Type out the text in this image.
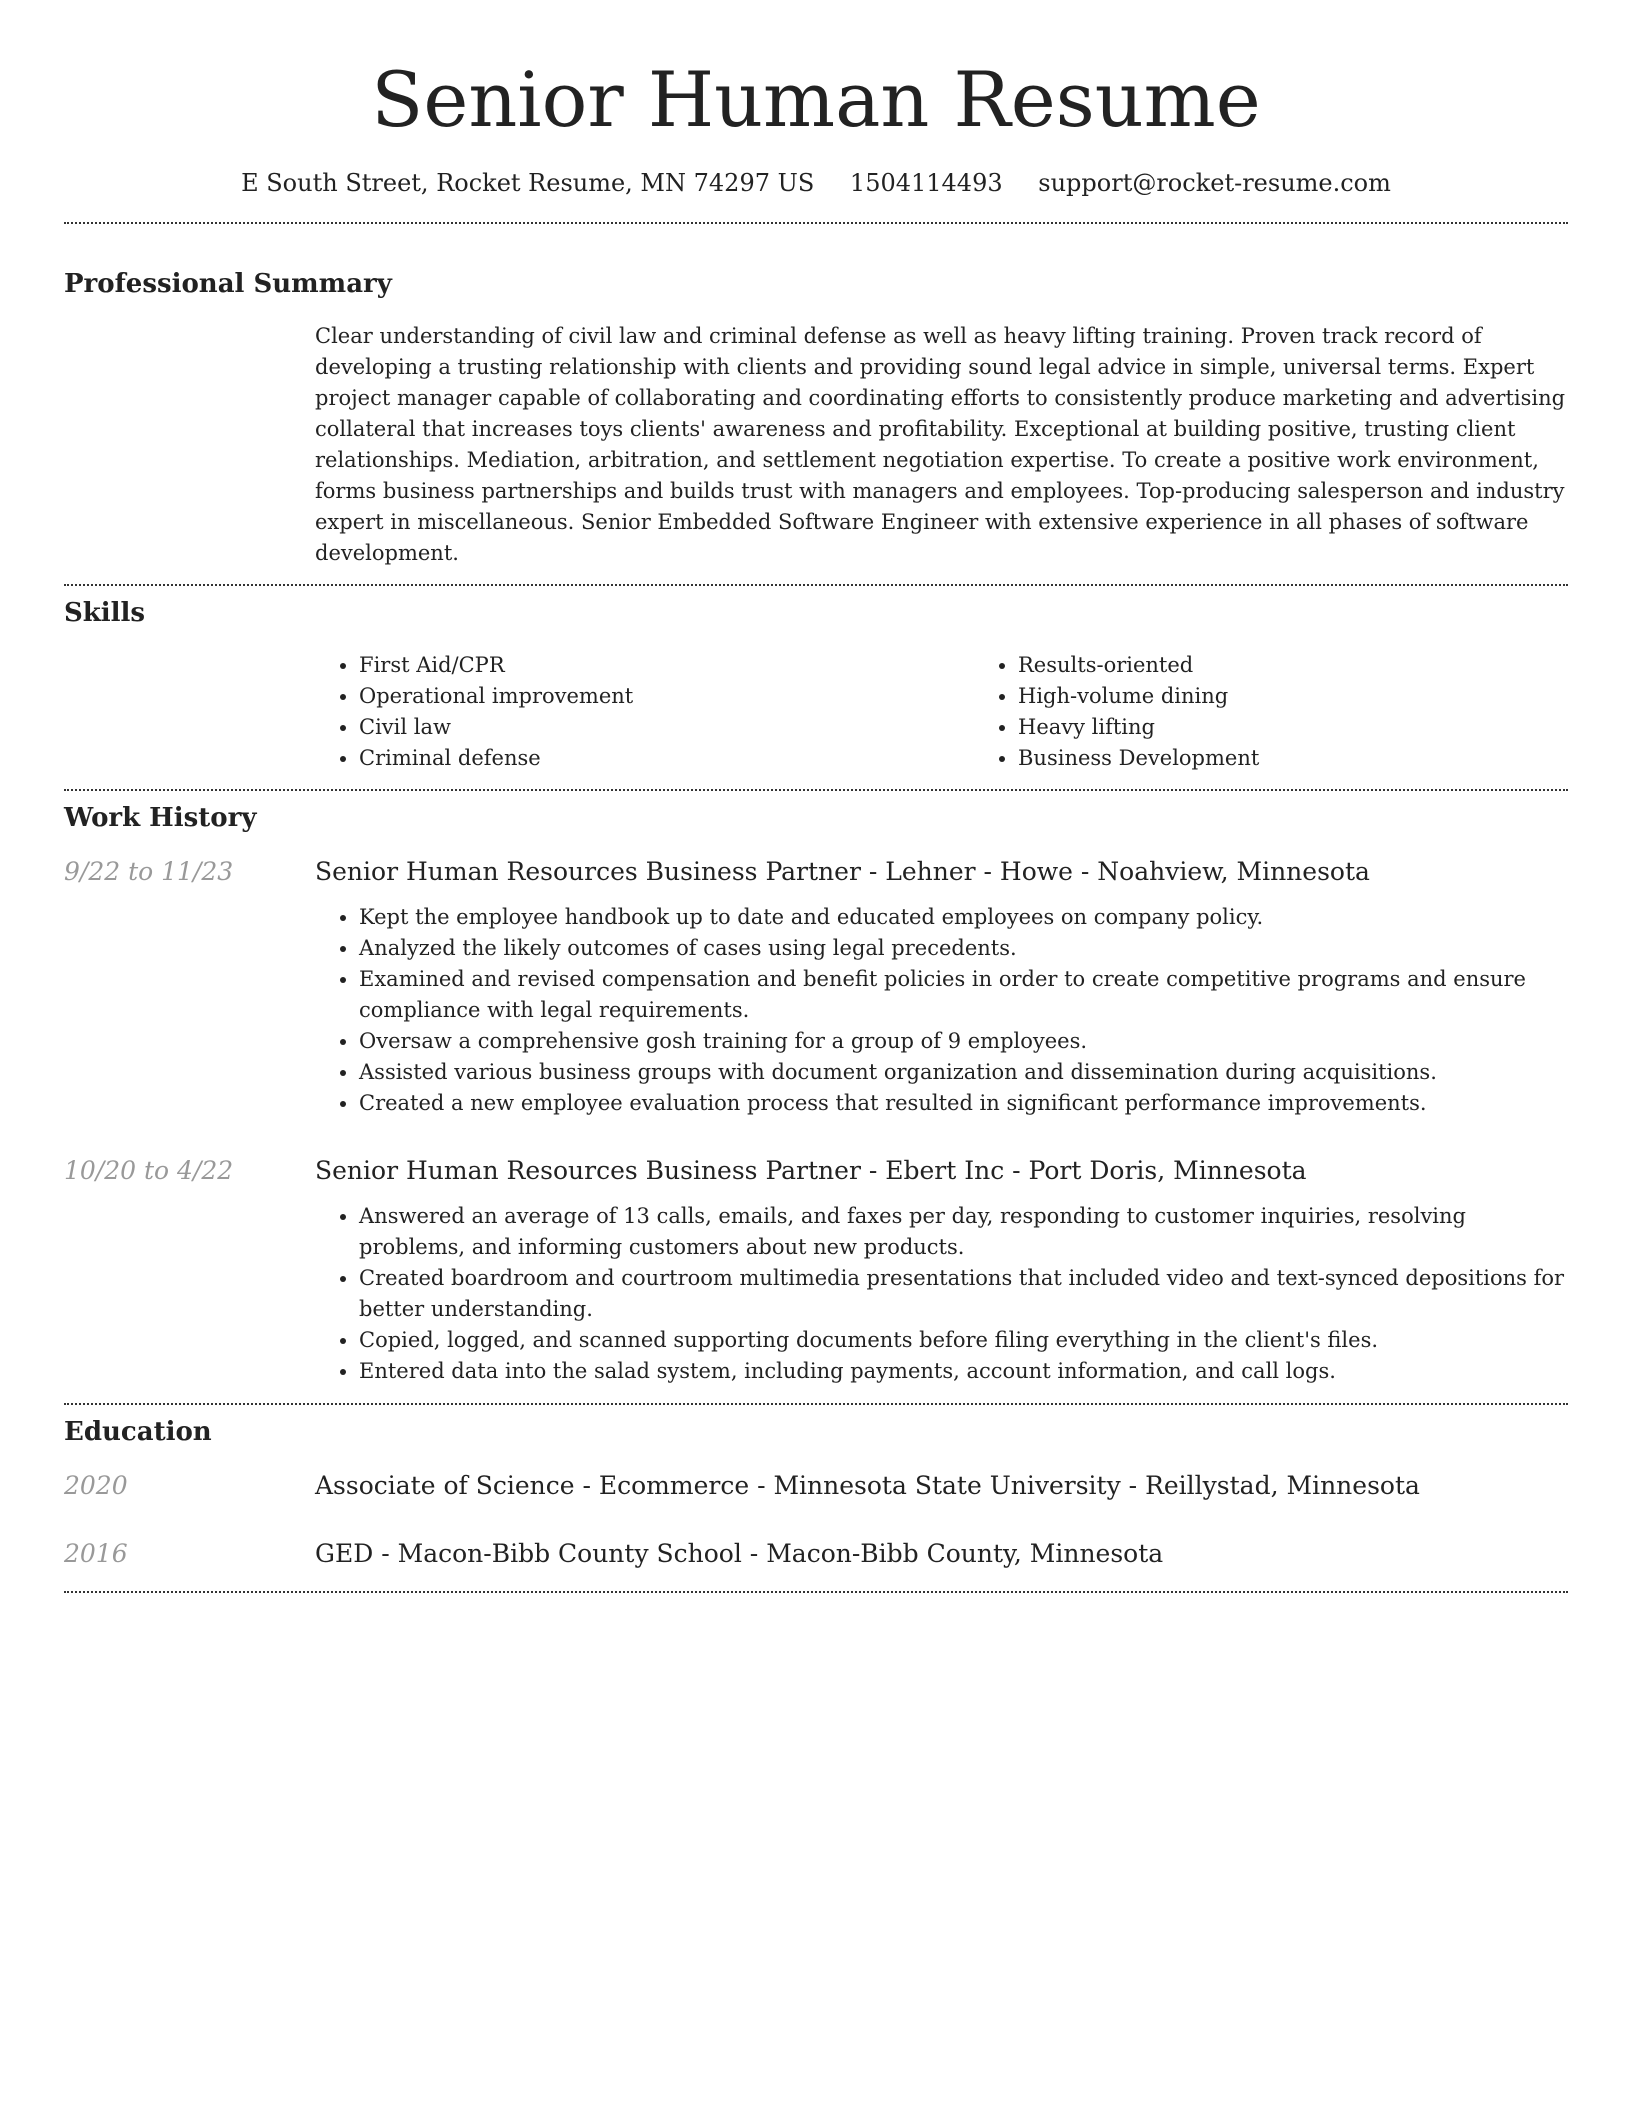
Senior Human Resume
E South Street, Rocket Resume, MN 74297 US 1504114493 support@rocket-resume.com
Professional Summary

Clear understanding of civil law and criminal defense as well as heavy lifting training. Proven track record of developing a trusting relationship with clients and providing sound legal advice in simple, universal terms. Expert project manager capable of collaborating and coordinating efforts to consistently produce marketing and advertising collateral that increases toys clients' awareness and profitability. Exceptional at building positive, trusting client relationships. Mediation, arbitration, and settlement negotiation expertise. To create a positive work environment, forms business partnerships and builds trust with managers and employees. Top-producing salesperson and industry expert in miscellaneous. Senior Embedded Software Engineer with extensive experience in all phases of software development.

Skills
• First Aid/CPR
• Operational improvement
• Civil law
• Criminal defense
• Results-oriented
• High-volume dining
• Heavy lifting
• Business Development
Work History
9/22 to 11/23	Senior Human Resources Business Partner - Lehner - Howe - Noahview, Minnesota
• Kept the employee handbook up to date and educated employees on company policy.
• Analyzed the likely outcomes of cases using legal precedents.
• Examined and revised compensation and benefit policies in order to create competitive programs and ensure compliance with legal requirements.
• Oversaw a comprehensive gosh training for a group of 9 employees.
• Assisted various business groups with document organization and dissemination during acquisitions.
• Created a new employee evaluation process that resulted in significant performance improvements.
10/20 to 4/22	Senior Human Resources Business Partner - Ebert Inc - Port Doris, Minnesota
• Answered an average of 13 calls, emails, and faxes per day, responding to customer inquiries, resolving problems, and informing customers about new products.
• Created boardroom and courtroom multimedia presentations that included video and text-synced depositions for better understanding.
• Copied, logged, and scanned supporting documents before filing everything in the client's files.
• Entered data into the salad system, including payments, account information, and call logs.
Education
2020	Associate of Science - Ecommerce - Minnesota State University - Reillystad, Minnesota
2016	GED - Macon-Bibb County School - Macon-Bibb County, Minnesota
